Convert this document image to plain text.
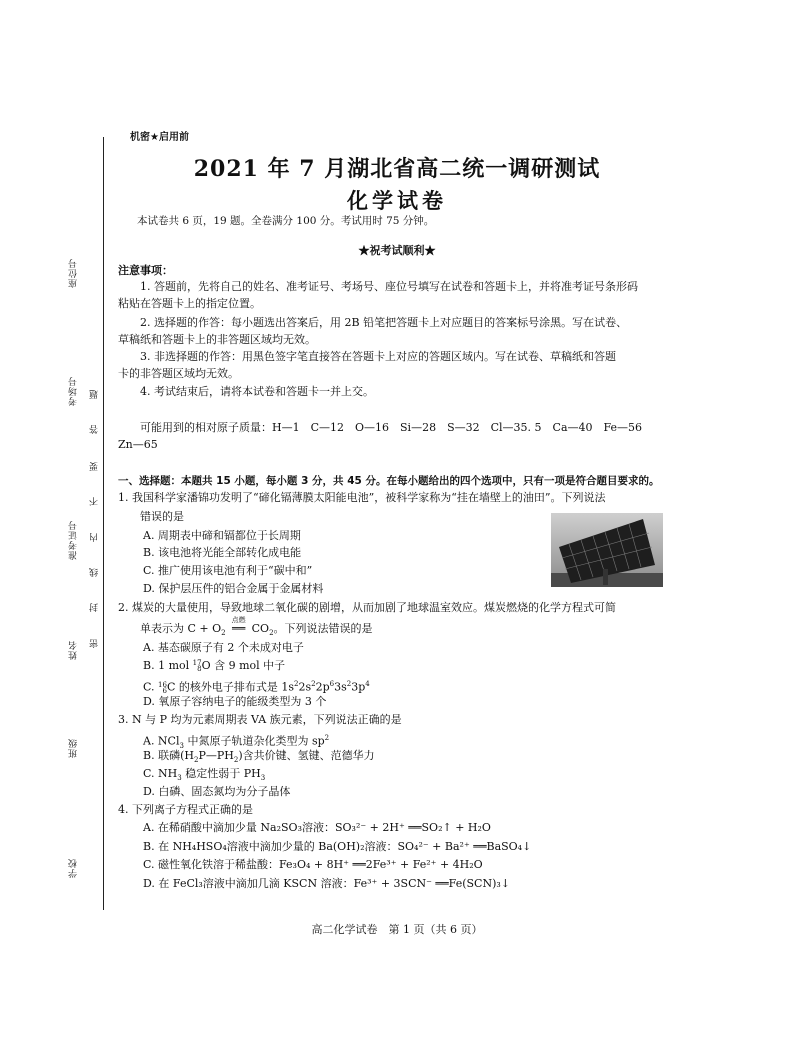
座位号
考场号
准考证号
姓名
班级
学校
题
答
要
不
内
线
封
密
机密★启用前
2021 年 7 月湖北省高二统一调研测试
化学试卷
本试卷共 6 页，19 题。全卷满分 100 分。考试用时 75 分钟。
★祝考试顺利★
注意事项：
1. 答题前，先将自己的姓名、准考证号、考场号、座位号填写在试卷和答题卡上，并将准考证号条形码
粘贴在答题卡上的指定位置。
2. 选择题的作答：每小题选出答案后，用 2B 铅笔把答题卡上对应题目的答案标号涂黑。写在试卷、
草稿纸和答题卡上的非答题区域均无效。
3. 非选择题的作答：用黑色签字笔直接答在答题卡上对应的答题区域内。写在试卷、草稿纸和答题
卡的非答题区域均无效。
4. 考试结束后，请将本试卷和答题卡一并上交。
可能用到的相对原子质量：H—1　C—12　O—16　Si—28　S—32　Cl—35. 5　Ca—40　Fe—56
Zn—65
一、选择题：本题共 15 小题，每小题 3 分，共 45 分。在每小题给出的四个选项中，只有一项是符合题目要求的。
1. 我国科学家潘锦功发明了“碲化镉薄膜太阳能电池”，被科学家称为“挂在墙壁上的油田”。下列说法
错误的是
A. 周期表中碲和镉都位于长周期
B. 该电池将光能全部转化成电能
C. 推广使用该电池有利于“碳中和”
D. 保护层压件的铝合金属于金属材料
2. 煤炭的大量使用，导致地球二氧化碳的剧增，从而加剧了地球温室效应。煤炭燃烧的化学方程式可简
单表示为 $C + O_2$
点燃
══ $CO_2$。下列说法错误的是
A. 基态碳原子有 2 个未成对电子
B. 1 mol 17
8O 含 9 mol 中子
C. 16
6C 的核外电子排布式是 $1s^22s^22p^63s^23p^4$
D. 氧原子容纳电子的能级类型为 3 个
3. N 与 P 均为元素周期表 VA 族元素，下列说法正确的是
A. NCl$_3$ 中氮原子轨道杂化类型为 $sp^2$
B. 联磷$(H_2P—PH_2)$含共价键、氢键、范德华力
C. $NH_3$ 稳定性弱于 $PH_3$
D. 白磷、固态氮均为分子晶体
4. 下列离子方程式正确的是
A. 在稀硝酸中滴加少量 Na₂SO₃溶液：SO₃²⁻ + 2H⁺ ══SO₂↑ + H₂O
B. 在 NH₄HSO₄溶液中滴加少量的 Ba(OH)₂溶液：SO₄²⁻ + Ba²⁺ ══BaSO₄↓
C. 磁性氧化铁溶于稀盐酸：Fe₃O₄ + 8H⁺ ══2Fe³⁺ + Fe²⁺ + 4H₂O
D. 在 FeCl₃溶液中滴加几滴 KSCN 溶液：Fe³⁺ + 3SCN⁻ ══Fe(SCN)₃↓
高二化学试卷　第 1 页（共 6 页）
